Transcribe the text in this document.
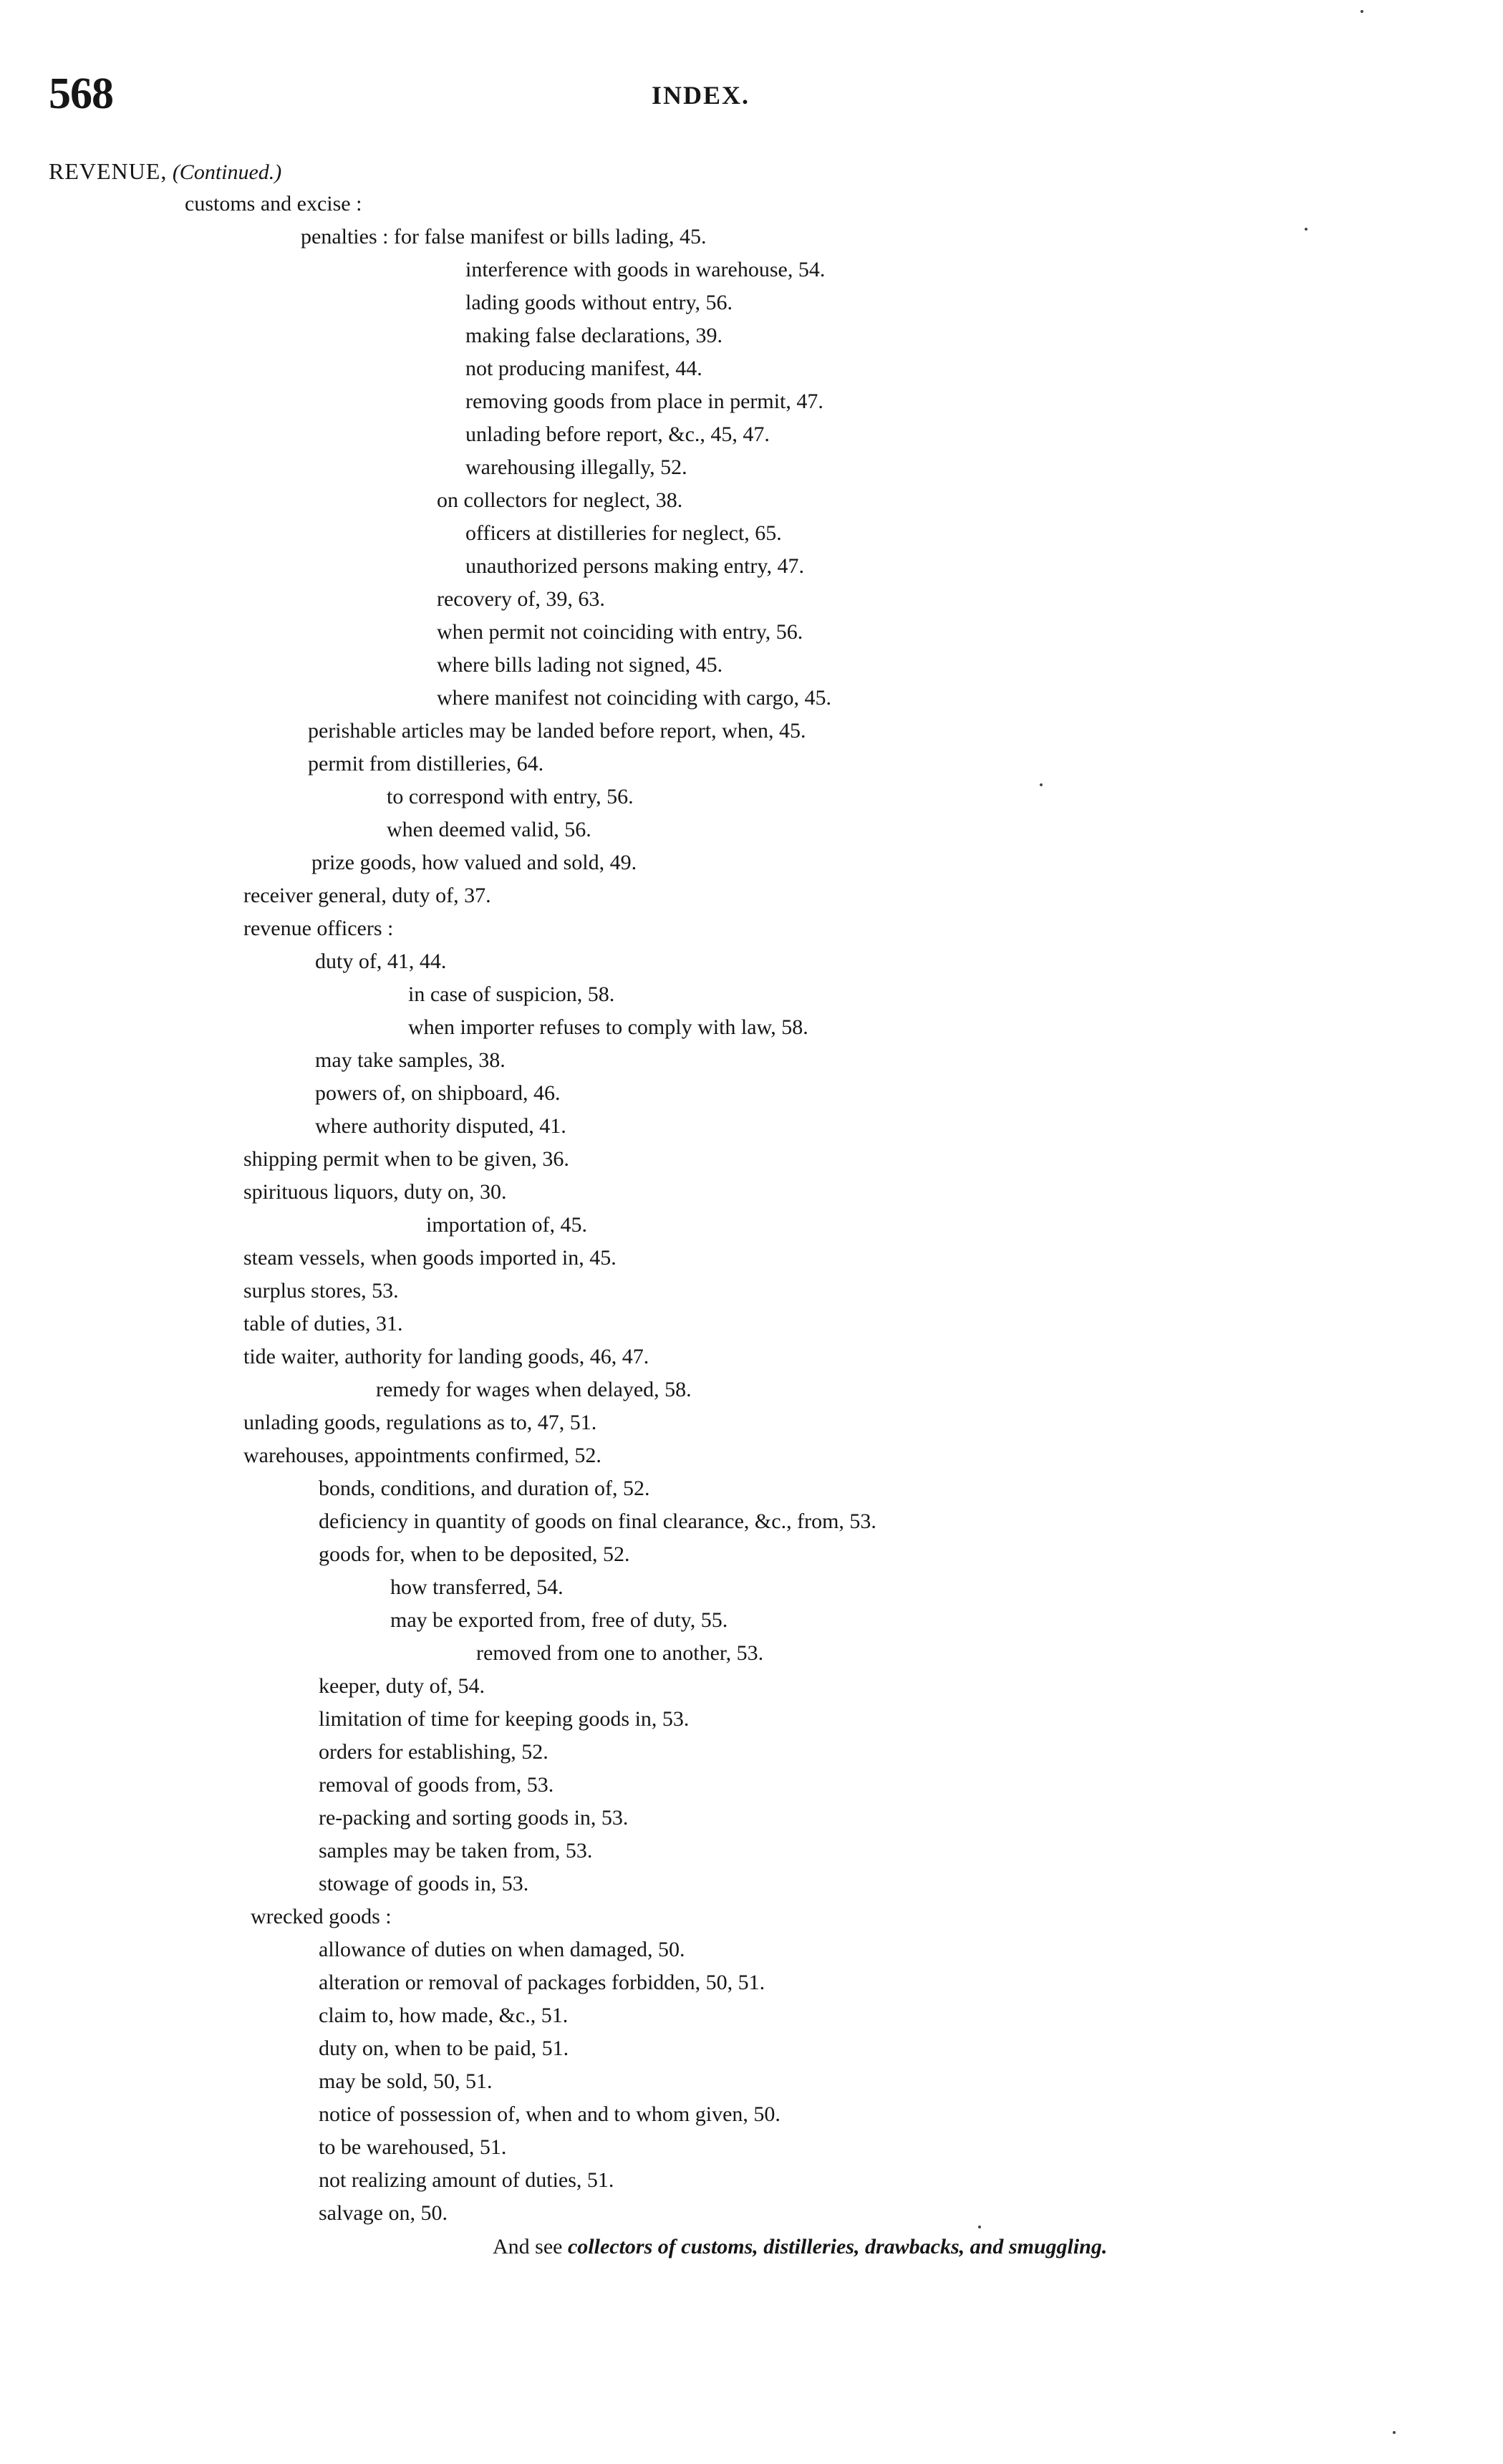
568	INDEX.
REVENUE, (Continued.)
customs and excise :
penalties : for false manifest or bills lading, 45.
interference with goods in warehouse, 54.
lading goods without entry, 56.
making false declarations, 39.
not producing manifest, 44.
removing goods from place in permit, 47.
unlading before report, &c., 45, 47.
warehousing illegally, 52.
on collectors for neglect, 38.
officers at distilleries for neglect, 65.
unauthorized persons making entry, 47.
recovery of, 39, 63.
when permit not coinciding with entry, 56.
where bills lading not signed, 45.
where manifest not coinciding with cargo, 45.
perishable articles may be landed before report, when, 45.
permit from distilleries, 64.
to correspond with entry, 56.
when deemed valid, 56.
prize goods, how valued and sold, 49.
receiver general, duty of, 37.
revenue officers :
duty of, 41, 44.
in case of suspicion, 58.
when importer refuses to comply with law, 58.
may take samples, 38.
powers of, on shipboard, 46.
where authority disputed, 41.
shipping permit when to be given, 36.
spirituous liquors, duty on, 30.
importation of, 45.
steam vessels, when goods imported in, 45.
surplus stores, 53.
table of duties, 31.
tide waiter, authority for landing goods, 46, 47.
remedy for wages when delayed, 58.
unlading goods, regulations as to, 47, 51.
warehouses, appointments confirmed, 52.
bonds, conditions, and duration of, 52.
deficiency in quantity of goods on final clearance, &c., from, 53.
goods for, when to be deposited, 52.
how transferred, 54.
may be exported from, free of duty, 55.
removed from one to another, 53.
keeper, duty of, 54.
limitation of time for keeping goods in, 53.
orders for establishing, 52.
removal of goods from, 53.
re-packing and sorting goods in, 53.
samples may be taken from, 53.
stowage of goods in, 53.
wrecked goods :
allowance of duties on when damaged, 50.
alteration or removal of packages forbidden, 50, 51.
claim to, how made, &c., 51.
duty on, when to be paid, 51.
may be sold, 50, 51.
notice of possession of, when and to whom given, 50.
to be warehoused, 51.
not realizing amount of duties, 51.
salvage on, 50.
And see collectors of customs, distilleries, drawbacks, and smuggling.
